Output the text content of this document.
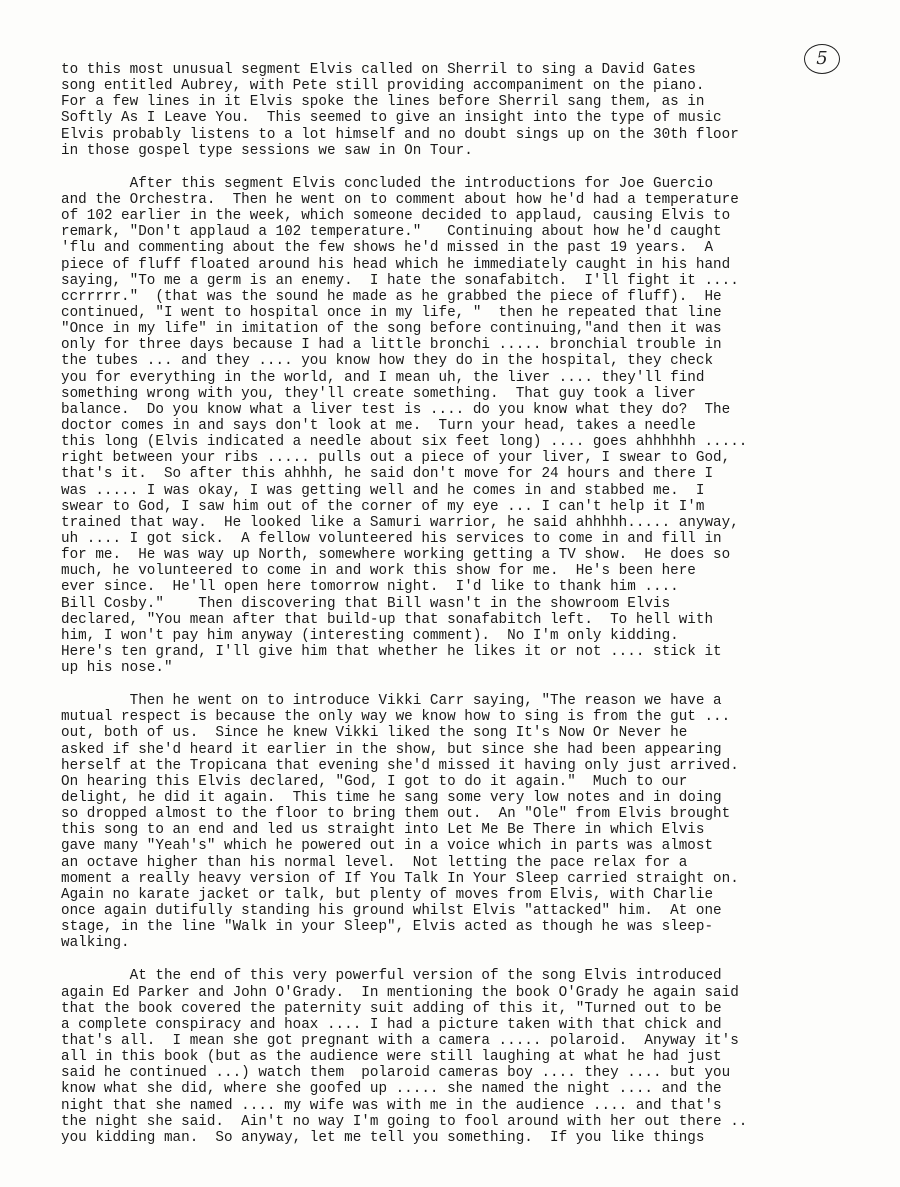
5
to this most unusual segment Elvis called on Sherril to sing a David Gates
song entitled Aubrey, with Pete still providing accompaniment on the piano.
For a few lines in it Elvis spoke the lines before Sherril sang them, as in
Softly As I Leave You.  This seemed to give an insight into the type of music
Elvis probably listens to a lot himself and no doubt sings up on the 30th floor
in those gospel type sessions we saw in On Tour.
After this segment Elvis concluded the introductions for Joe Guercio
and the Orchestra.  Then he went on to comment about how he'd had a temperature
of 102 earlier in the week, which someone decided to applaud, causing Elvis to
remark, "Don't applaud a 102 temperature."   Continuing about how he'd caught
'flu and commenting about the few shows he'd missed in the past 19 years.  A
piece of fluff floated around his head which he immediately caught in his hand
saying, "To me a germ is an enemy.  I hate the sonafabitch.  I'll fight it ....
ccrrrrr."  (that was the sound he made as he grabbed the piece of fluff).  He
continued, "I went to hospital once in my life, "  then he repeated that line
"Once in my life" in imitation of the song before continuing,"and then it was
only for three days because I had a little bronchi ..... bronchial trouble in
the tubes ... and they .... you know how they do in the hospital, they check
you for everything in the world, and I mean uh, the liver .... they'll find
something wrong with you, they'll create something.  That guy took a liver
balance.  Do you know what a liver test is .... do you know what they do?  The
doctor comes in and says don't look at me.  Turn your head, takes a needle
this long (Elvis indicated a needle about six feet long) .... goes ahhhhhh .....
right between your ribs ..... pulls out a piece of your liver, I swear to God,
that's it.  So after this ahhhh, he said don't move for 24 hours and there I
was ..... I was okay, I was getting well and he comes in and stabbed me.  I
swear to God, I saw him out of the corner of my eye ... I can't help it I'm
trained that way.  He looked like a Samuri warrior, he said ahhhhh..... anyway,
uh .... I got sick.  A fellow volunteered his services to come in and fill in
for me.  He was way up North, somewhere working getting a TV show.  He does so
much, he volunteered to come in and work this show for me.  He's been here
ever since.  He'll open here tomorrow night.  I'd like to thank him ....
Bill Cosby."    Then discovering that Bill wasn't in the showroom Elvis
declared, "You mean after that build-up that sonafabitch left.  To hell with
him, I won't pay him anyway (interesting comment).  No I'm only kidding.
Here's ten grand, I'll give him that whether he likes it or not .... stick it
up his nose."
Then he went on to introduce Vikki Carr saying, "The reason we have a
mutual respect is because the only way we know how to sing is from the gut ...
out, both of us.  Since he knew Vikki liked the song It's Now Or Never he
asked if she'd heard it earlier in the show, but since she had been appearing
herself at the Tropicana that evening she'd missed it having only just arrived.
On hearing this Elvis declared, "God, I got to do it again."  Much to our
delight, he did it again.  This time he sang some very low notes and in doing
so dropped almost to the floor to bring them out.  An "Ole" from Elvis brought
this song to an end and led us straight into Let Me Be There in which Elvis
gave many "Yeah's" which he powered out in a voice which in parts was almost
an octave higher than his normal level.  Not letting the pace relax for a
moment a really heavy version of If You Talk In Your Sleep carried straight on.
Again no karate jacket or talk, but plenty of moves from Elvis, with Charlie
once again dutifully standing his ground whilst Elvis "attacked" him.  At one
stage, in the line "Walk in your Sleep", Elvis acted as though he was sleep-
walking.
At the end of this very powerful version of the song Elvis introduced
again Ed Parker and John O'Grady.  In mentioning the book O'Grady he again said
that the book covered the paternity suit adding of this it, "Turned out to be
a complete conspiracy and hoax .... I had a picture taken with that chick and
that's all.  I mean she got pregnant with a camera ..... polaroid.  Anyway it's
all in this book (but as the audience were still laughing at what he had just
said he continued ...) watch them  polaroid cameras boy .... they .... but you
know what she did, where she goofed up ..... she named the night .... and the
night that she named .... my wife was with me in the audience .... and that's
the night she said.  Ain't no way I'm going to fool around with her out there ..
you kidding man.  So anyway, let me tell you something.  If you like things
